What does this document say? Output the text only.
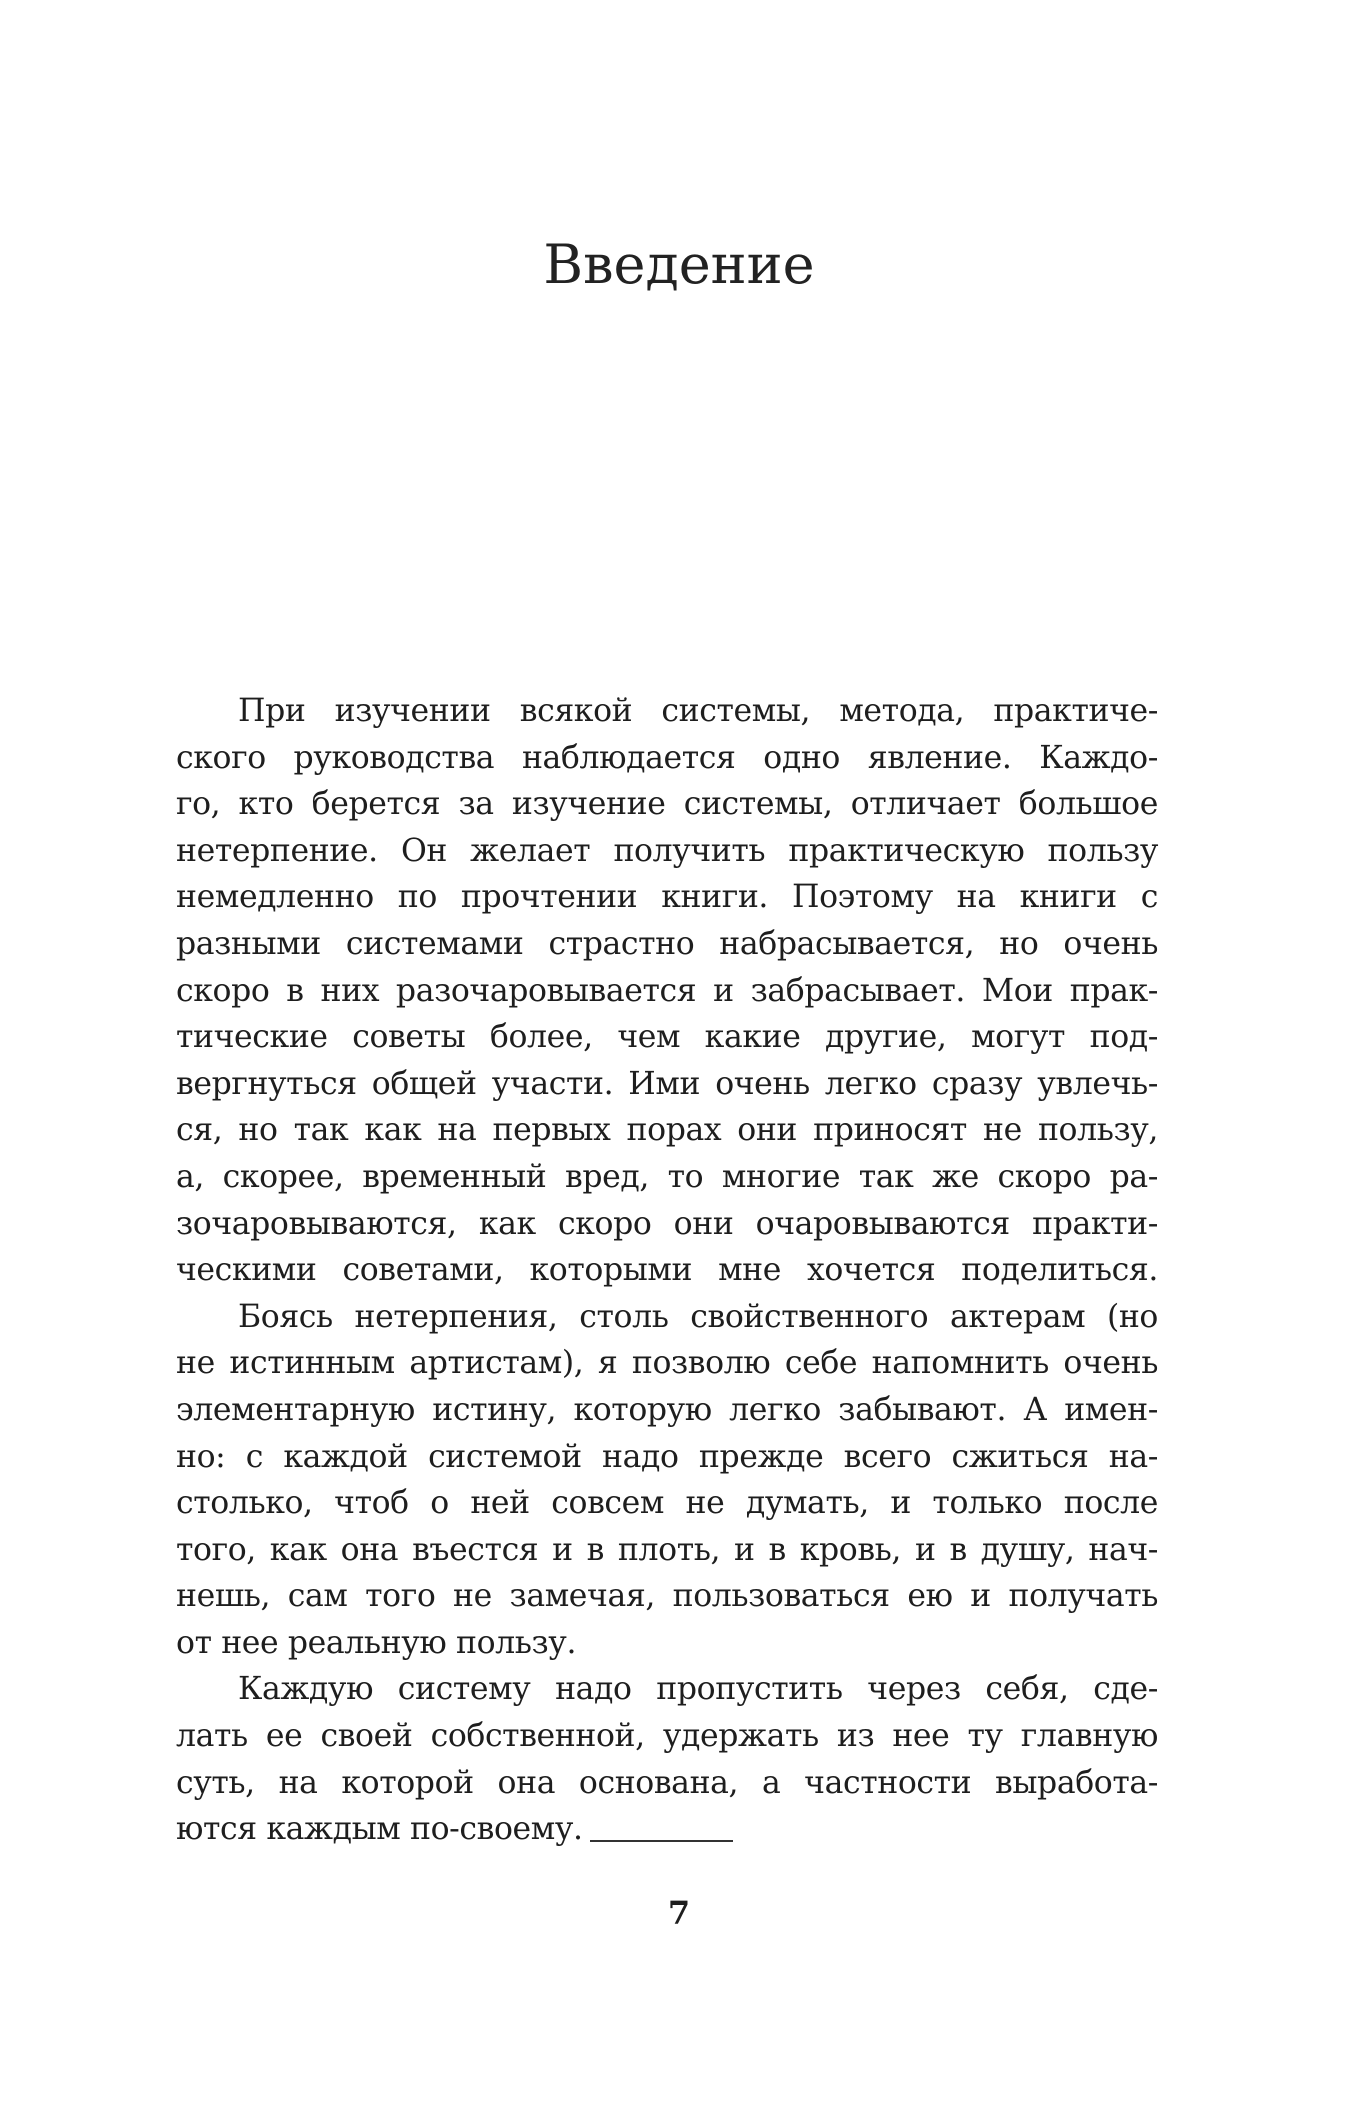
Введение

При изучении всякой системы, метода, практиче-
ского руководства наблюдается одно явление. Каждо-
го, кто берется за изучение системы, отличает большое
нетерпение. Он желает получить практическую пользу
немедленно по прочтении книги. Поэтому на книги с
разными системами страстно набрасывается, но очень
скоро в них разочаровывается и забрасывает. Мои прак-
тические советы более, чем какие другие, могут под-
вергнуться общей участи. Ими очень легко сразу увлечь-
ся, но так как на первых порах они приносят не пользу,
а, скорее, временный вред, то многие так же скоро ра-
зочаровываются, как скоро они очаровываются практи-
ческими советами, которыми мне хочется поделиться.

Боясь нетерпения, столь свойственного актерам (но
не истинным артистам), я позволю себе напомнить очень
элементарную истину, которую легко забывают. А имен-
но: с каждой системой надо прежде всего сжиться на-
столько, чтоб о ней совсем не думать, и только после
того, как она въестся и в плоть, и в кровь, и в душу, нач-
нешь, сам того не замечая, пользоваться ею и получать
от нее реальную пользу.

Каждую систему надо пропустить через себя, сде-
лать ее своей собственной, удержать из нее ту главную
суть, на которой она основана, а частности выработа-
ются каждым по-своему.

7
